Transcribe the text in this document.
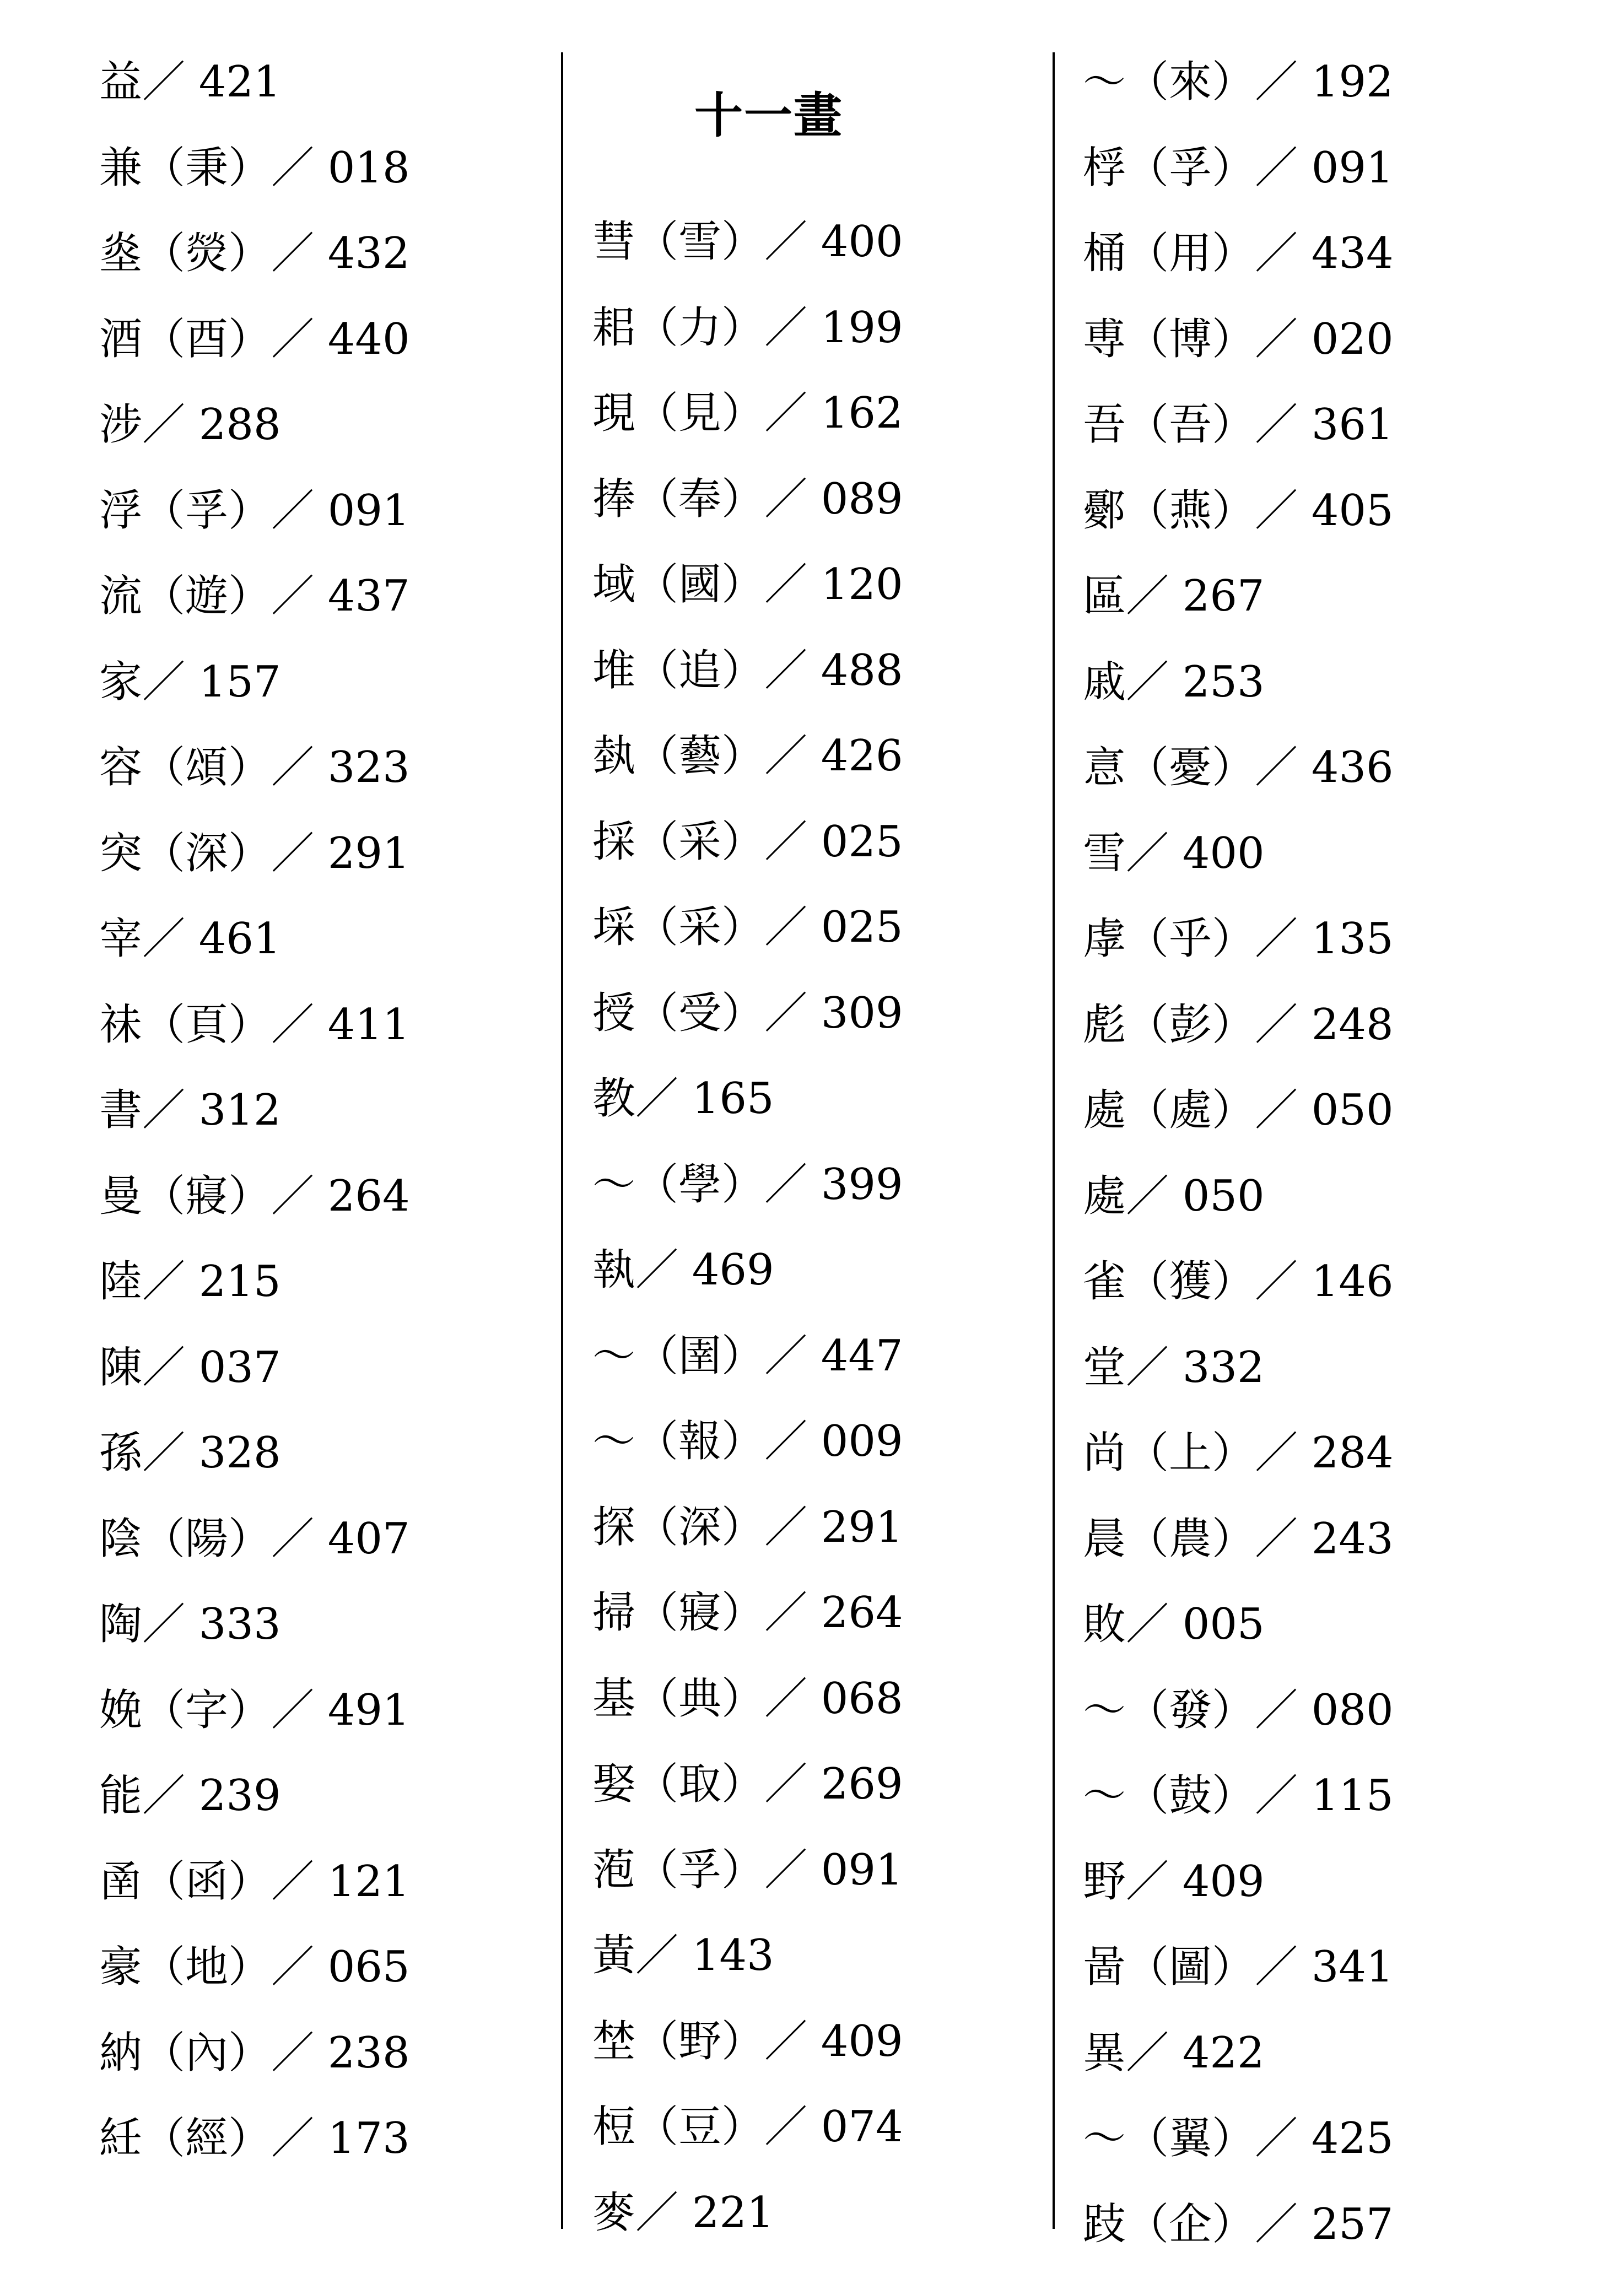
十一畫
益／ 421
兼（秉）／ 018
烾（熒）／ 432
酒（酉）／ 440
涉／ 288
浮（孚）／ 091
流（遊）／ 437
家／ 157
容（頌）／ 323
突（深）／ 291
宰／ 461
祙（頁）／ 411
書／ 312
曼（寢）／ 264
陸／ 215
陳／ 037
孫／ 328
陰（陽）／ 407
陶／ 333
娩（字）／ 491
能／ 239
圅（函）／ 121
豪（地）／ 065
納（內）／ 238
紝（經）／ 173
彗（雪）／ 400
耜（力）／ 199
現（見）／ 162
捧（奉）／ 089
域（國）／ 120
堆（追）／ 488
埶（藝）／ 426
採（采）／ 025
埰（采）／ 025
授（受）／ 309
教／ 165
～（學）／ 399
執／ 469
～（圉）／ 447
～（報）／ 009
探（深）／ 291
掃（寢）／ 264
基（典）／ 068
娶（取）／ 269
萢（孚）／ 091
黃／ 143
埜（野）／ 409
梪（豆）／ 074
麥／ 221
～（來）／ 192
桴（孚）／ 091
桶（用）／ 434
尃（博）／ 020
吾（吾）／ 361
鄾（燕）／ 405
區／ 267
戚／ 253
悥（憂）／ 436
雪／ 400
虖（乎）／ 135
彪（彭）／ 248
處（處）／ 050
處／ 050
雀（獲）／ 146
堂／ 332
尚（上）／ 284
晨（農）／ 243
敗／ 005
～（發）／ 080
～（鼓）／ 115
野／ 409
啚（圖）／ 341
異／ 422
～（翼）／ 425
跂（企）／ 257
